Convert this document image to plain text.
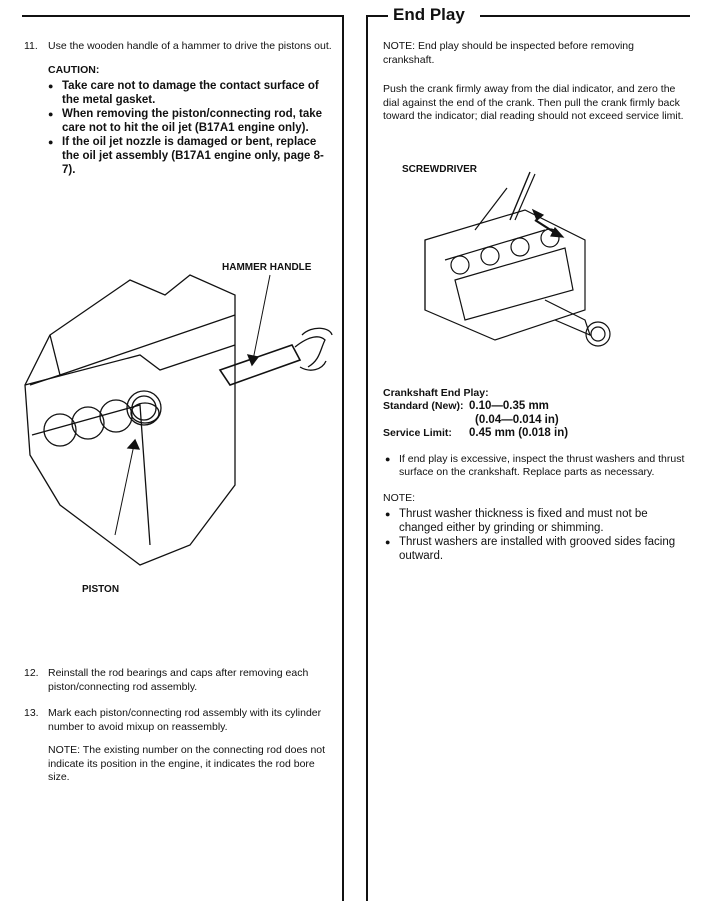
End Play
11. Use the wooden handle of a hammer to drive the pistons out.

CAUTION:

● Take care not to damage the contact surface of the metal gasket.
● When removing the piston/connecting rod, take care not to hit the oil jet (B17A1 engine only).
● If the oil jet nozzle is damaged or bent, replace the oil jet assembly (B17A1 engine only, page 8-7).
12. Reinstall the rod bearings and caps after removing each piston/connecting rod assembly.

13. Mark each piston/connecting rod assembly with its cylinder number to avoid mixup on reassembly.

NOTE: The existing number on the connecting rod does not indicate its position in the engine, it indicates the rod bore size.

HAMMER HANDLE
PISTON

NOTE: End play should be inspected before removing crankshaft.

Push the crank firmly away from the dial indicator, and zero the dial against the end of the crank. Then pull the crank firmly back toward the indicator; dial reading should not exceed service limit.

SCREWDRIVER

Crankshaft End Play:

Standard (New): 0.10—0.35 mm
(0.04—0.014 in)
Service Limit:	0.45 mm (0.018 in)
● If end play is excessive, inspect the thrust washers and thrust surface on the crankshaft. Replace parts as necessary.

NOTE:

● Thrust washer thickness is fixed and must not be changed either by grinding or shimming.
● Thrust washers are installed with grooved sides facing outward.
